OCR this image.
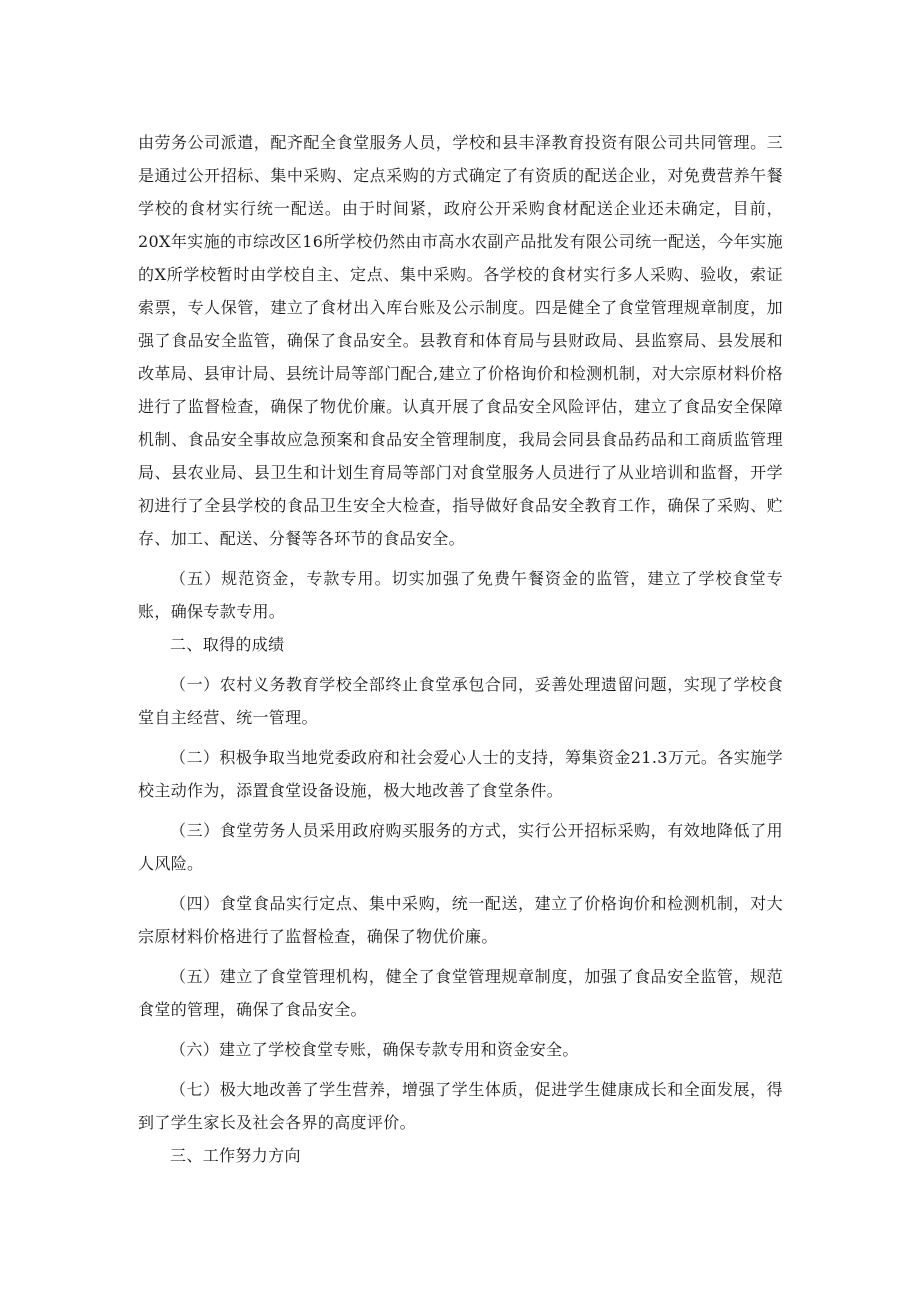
由劳务公司派遣，配齐配全食堂服务人员，学校和县丰泽教育投资有限公司共同管理。三是通过公开招标、集中采购、定点采购的方式确定了有资质的配送企业，对免费营养午餐学校的食材实行统一配送。由于时间紧，政府公开采购食材配送企业还未确定，目前，20X年实施的市综改区16所学校仍然由市高水农副产品批发有限公司统一配送，今年实施的X所学校暂时由学校自主、定点、集中采购。各学校的食材实行多人采购、验收，索证索票，专人保管，建立了食材出入库台账及公示制度。四是健全了食堂管理规章制度，加强了食品安全监管，确保了食品安全。县教育和体育局与县财政局、县监察局、县发展和改革局、县审计局、县统计局等部门配合,建立了价格询价和检测机制，对大宗原材料价格进行了监督检查，确保了物优价廉。认真开展了食品安全风险评估，建立了食品安全保障机制、食品安全事故应急预案和食品安全管理制度，我局会同县食品药品和工商质监管理局、县农业局、县卫生和计划生育局等部门对食堂服务人员进行了从业培训和监督，开学初进行了全县学校的食品卫生安全大检查，指导做好食品安全教育工作，确保了采购、贮存、加工、配送、分餐等各环节的食品安全。

（五）规范资金，专款专用。切实加强了免费午餐资金的监管，建立了学校食堂专账，确保专款专用。

二、取得的成绩

（一）农村义务教育学校全部终止食堂承包合同，妥善处理遗留问题，实现了学校食堂自主经营、统一管理。

（二）积极争取当地党委政府和社会爱心人士的支持，筹集资金21.3万元。各实施学校主动作为，添置食堂设备设施，极大地改善了食堂条件。

（三）食堂劳务人员采用政府购买服务的方式，实行公开招标采购，有效地降低了用人风险。

（四）食堂食品实行定点、集中采购，统一配送，建立了价格询价和检测机制，对大宗原材料价格进行了监督检查，确保了物优价廉。

（五）建立了食堂管理机构，健全了食堂管理规章制度，加强了食品安全监管，规范食堂的管理，确保了食品安全。

（六）建立了学校食堂专账，确保专款专用和资金安全。

（七）极大地改善了学生营养，增强了学生体质，促进学生健康成长和全面发展，得到了学生家长及社会各界的高度评价。

三、工作努力方向
